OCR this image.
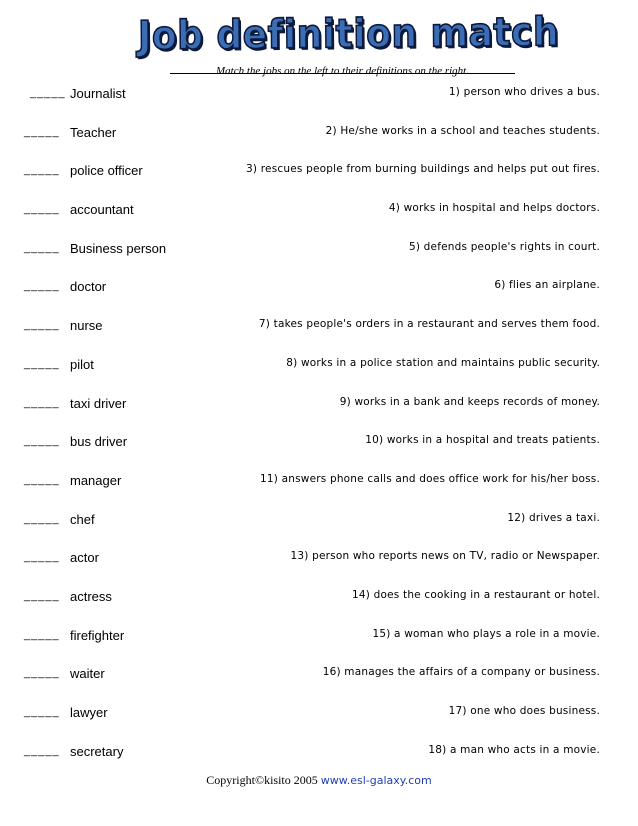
Job definition match
Match the jobs on the left to their definitions on the right.
_____ Journalist	1) person who drives a bus.
_____ Teacher	2) He/she works in a school and teaches students.
_____ police officer	3) rescues people from burning buildings and helps put out fires.
_____ accountant	4) works in hospital and helps doctors.
_____ Business person	5) defends people's rights in court.
_____ doctor	6) flies an airplane.
_____ nurse	7) takes people's orders in a restaurant and serves them food.
_____ pilot	8) works in a police station and maintains public security.
_____ taxi driver	9) works in a bank and keeps records of money.
_____ bus driver	10) works in a hospital and treats patients.
_____ manager	11) answers phone calls and does office work for his/her boss.
_____ chef	12) drives a taxi.
_____ actor	13) person who reports news on TV, radio or Newspaper.
_____ actress	14) does the cooking in a restaurant or hotel.
_____ firefighter	15) a woman who plays a role in a movie.
_____ waiter	16) manages the affairs of a company or business.
_____ lawyer	17) one who does business.
_____ secretary	18) a man who acts in a movie.
Copyright©kisito 2005 www.esl-galaxy.com
